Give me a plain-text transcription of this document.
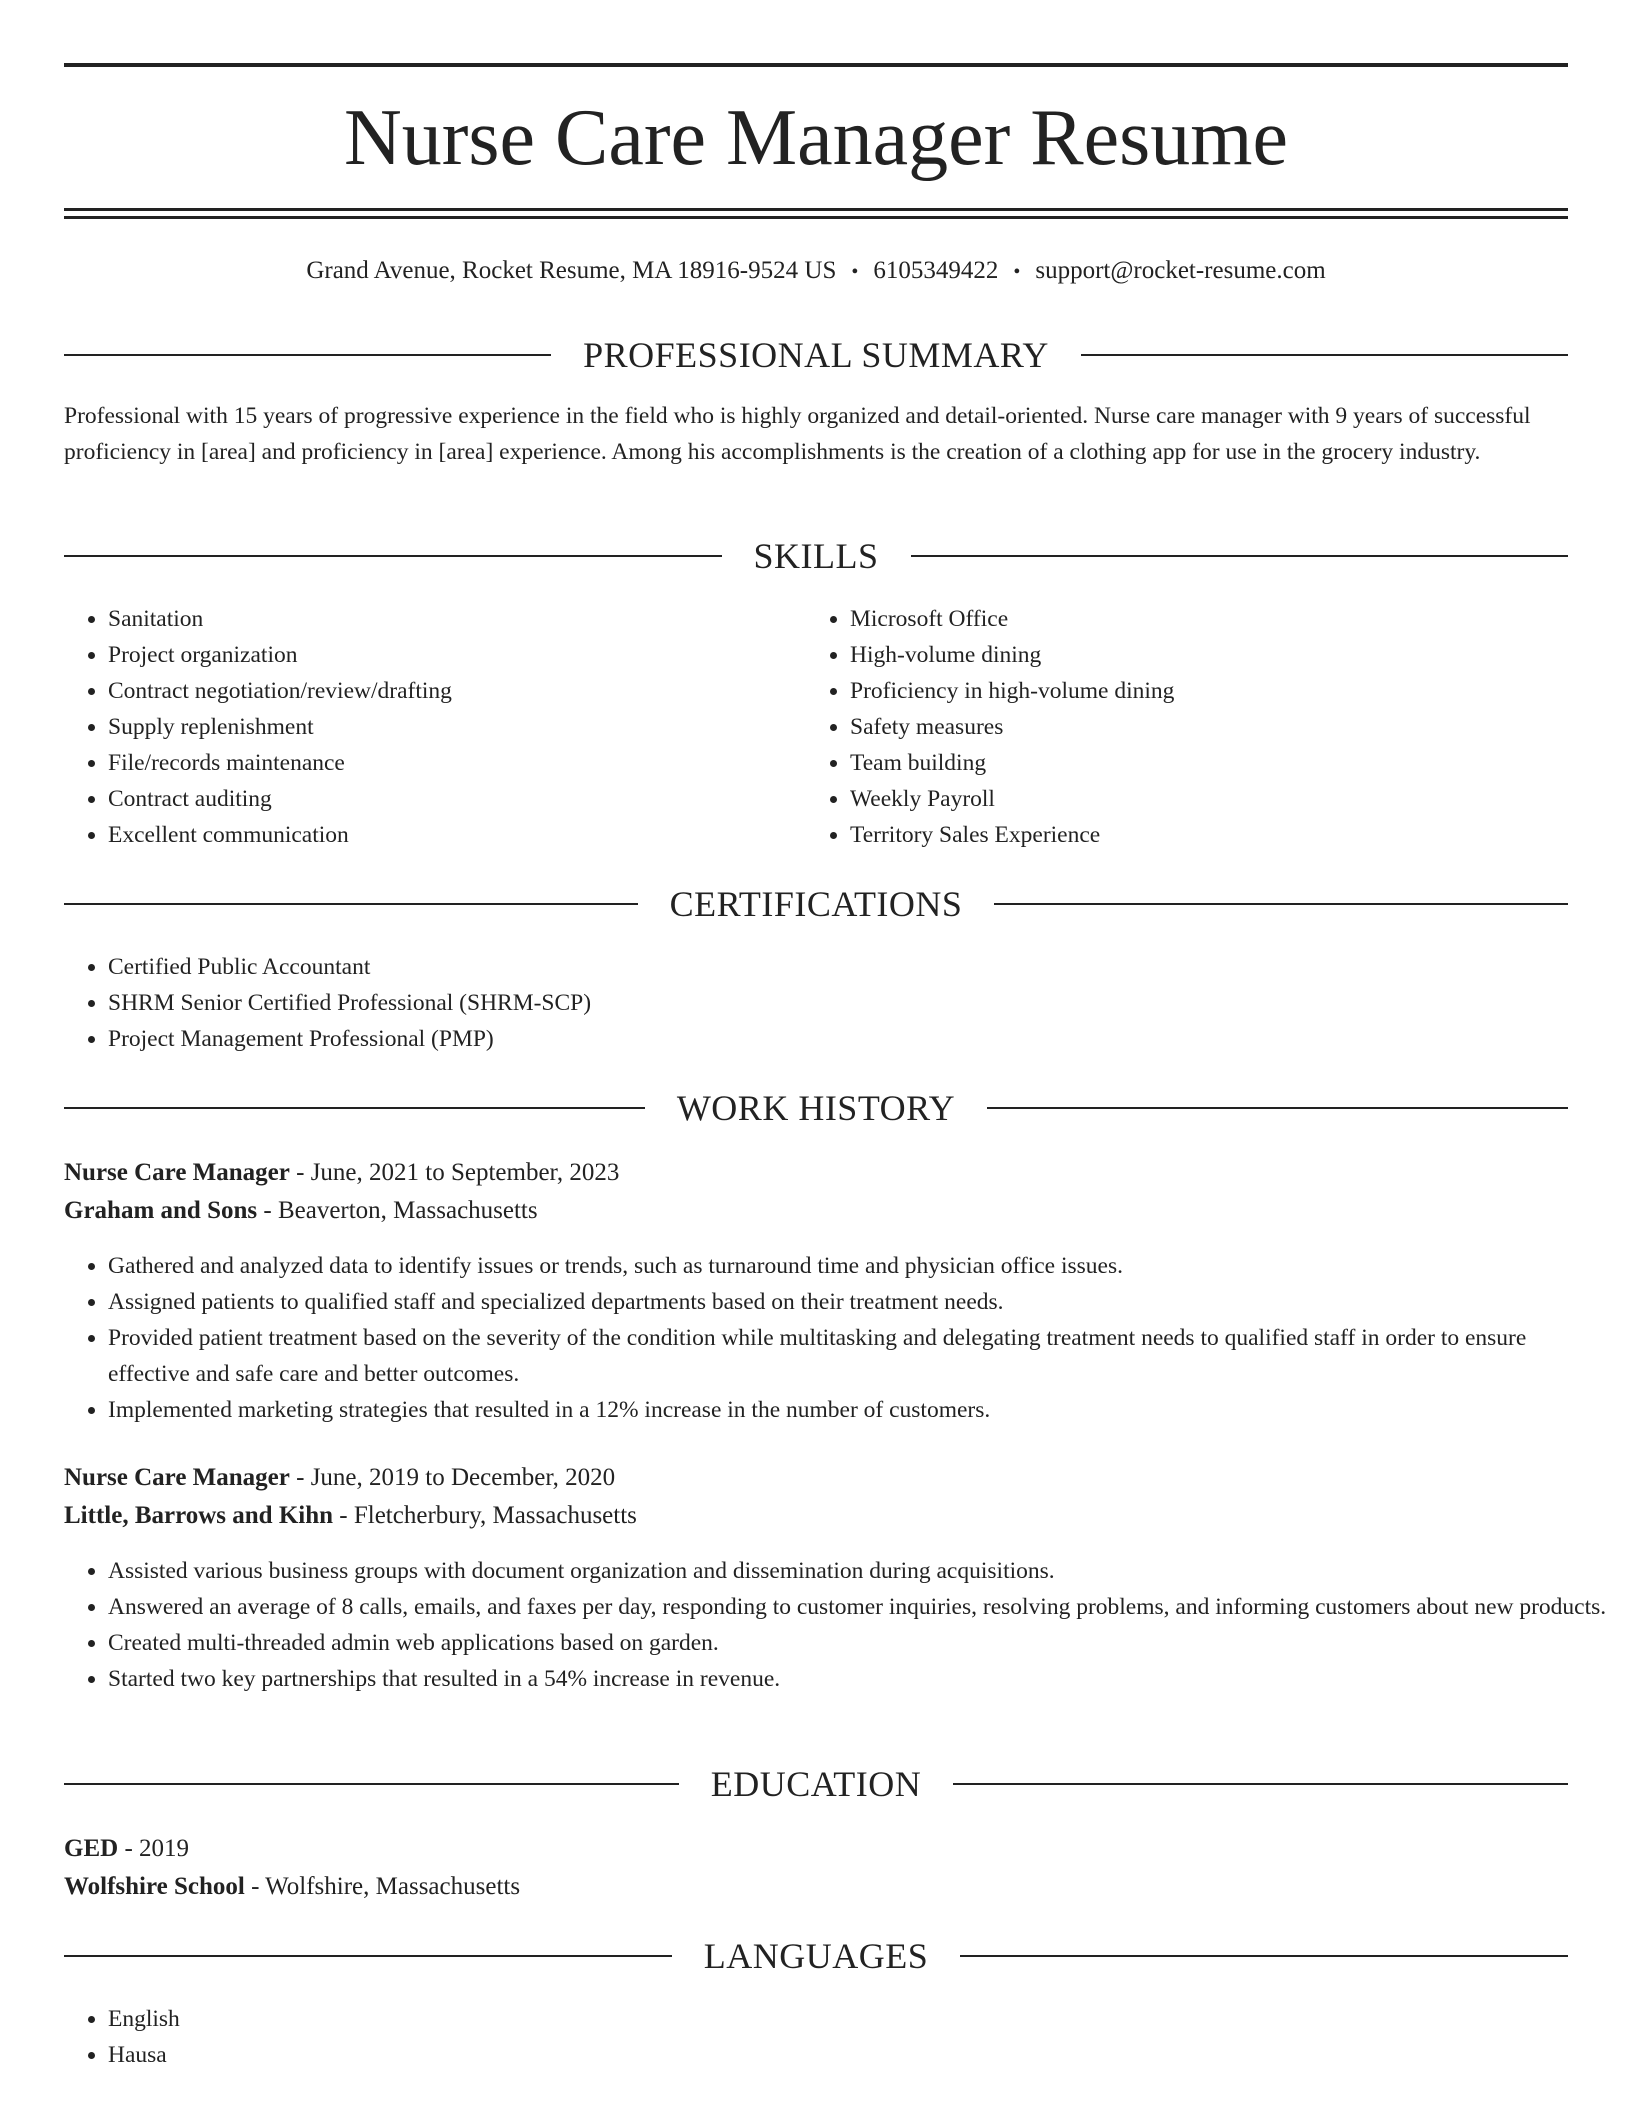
Nurse Care Manager Resume
Grand Avenue, Rocket Resume, MA 18916-9524 US • 6105349422 • support@rocket-resume.com
PROFESSIONAL SUMMARY
Professional with 15 years of progressive experience in the field who is highly organized and detail-oriented. Nurse care manager with 9 years of successful proficiency in [area] and proficiency in [area] experience. Among his accomplishments is the creation of a clothing app for use in the grocery industry.
SKILLS
• Sanitation
• Project organization
• Contract negotiation/review/drafting
• Supply replenishment
• File/records maintenance
• Contract auditing
• Excellent communication
• Microsoft Office
• High-volume dining
• Proficiency in high-volume dining
• Safety measures
• Team building
• Weekly Payroll
• Territory Sales Experience
CERTIFICATIONS
• Certified Public Accountant
• SHRM Senior Certified Professional (SHRM-SCP)
• Project Management Professional (PMP)
WORK HISTORY
Nurse Care Manager - June, 2021 to September, 2023
Graham and Sons - Beaverton, Massachusetts
• Gathered and analyzed data to identify issues or trends, such as turnaround time and physician office issues.
• Assigned patients to qualified staff and specialized departments based on their treatment needs.
• Provided patient treatment based on the severity of the condition while multitasking and delegating treatment needs to qualified staff in order to ensure effective and safe care and better outcomes.
• Implemented marketing strategies that resulted in a 12% increase in the number of customers.
Nurse Care Manager - June, 2019 to December, 2020
Little, Barrows and Kihn - Fletcherbury, Massachusetts
• Assisted various business groups with document organization and dissemination during acquisitions.
• Answered an average of 8 calls, emails, and faxes per day, responding to customer inquiries, resolving problems, and informing customers about new products.
• Created multi-threaded admin web applications based on garden.
• Started two key partnerships that resulted in a 54% increase in revenue.
EDUCATION
GED - 2019
Wolfshire School - Wolfshire, Massachusetts
LANGUAGES
• English
• Hausa
